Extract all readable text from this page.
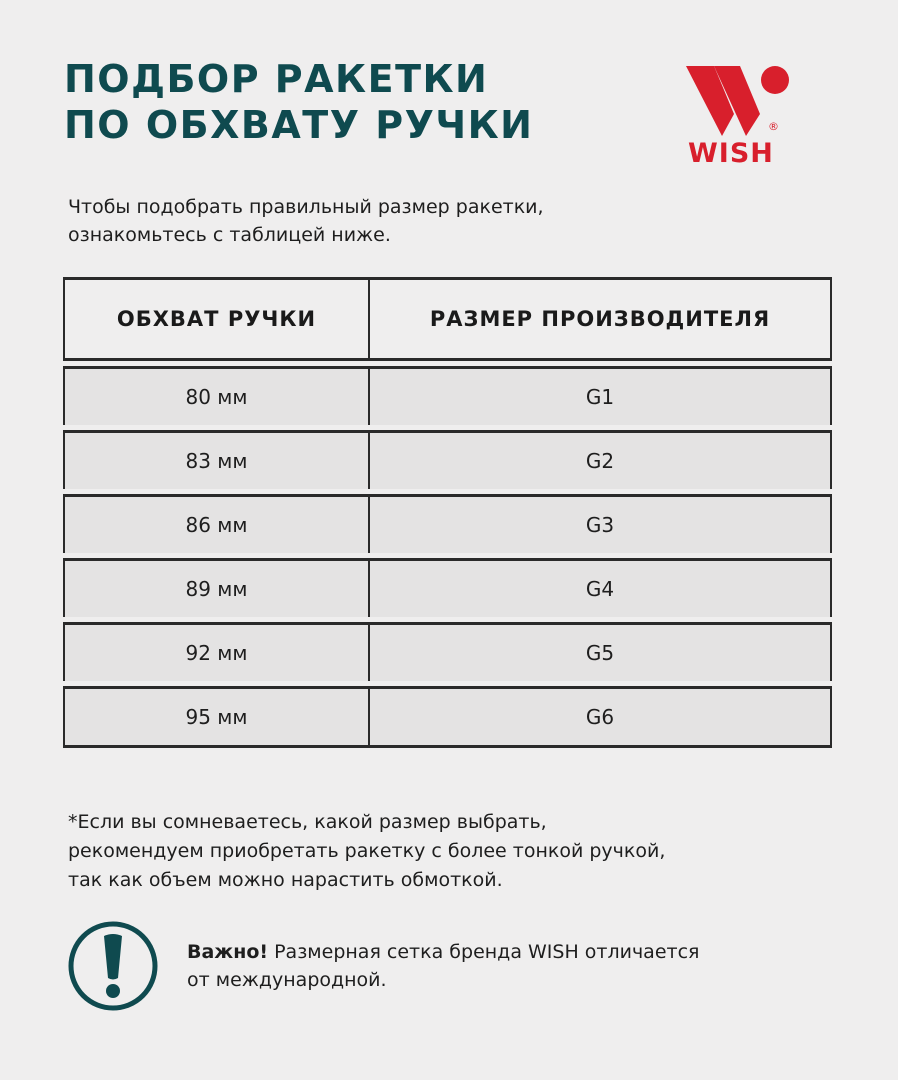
ПОДБОР РАКЕТКИ
ПО ОБХВАТУ РУЧКИ	®
WISH
Чтобы подобрать правильный размер ракетки,
ознакомьтесь с таблицей ниже.
ОБХВАТ РУЧКИ	РАЗМЕР ПРОИЗВОДИТЕЛЯ
80 мм	G1
83 мм	G2
86 мм	G3
89 мм	G4
92 мм	G5
95 мм	G6
*Если вы сомневаетесь, какой размер выбрать,
рекомендуем приобретать ракетку с более тонкой ручкой,
так как объем можно нарастить обмоткой.
Важно! Размерная сетка бренда WISH отличается
от международной.
